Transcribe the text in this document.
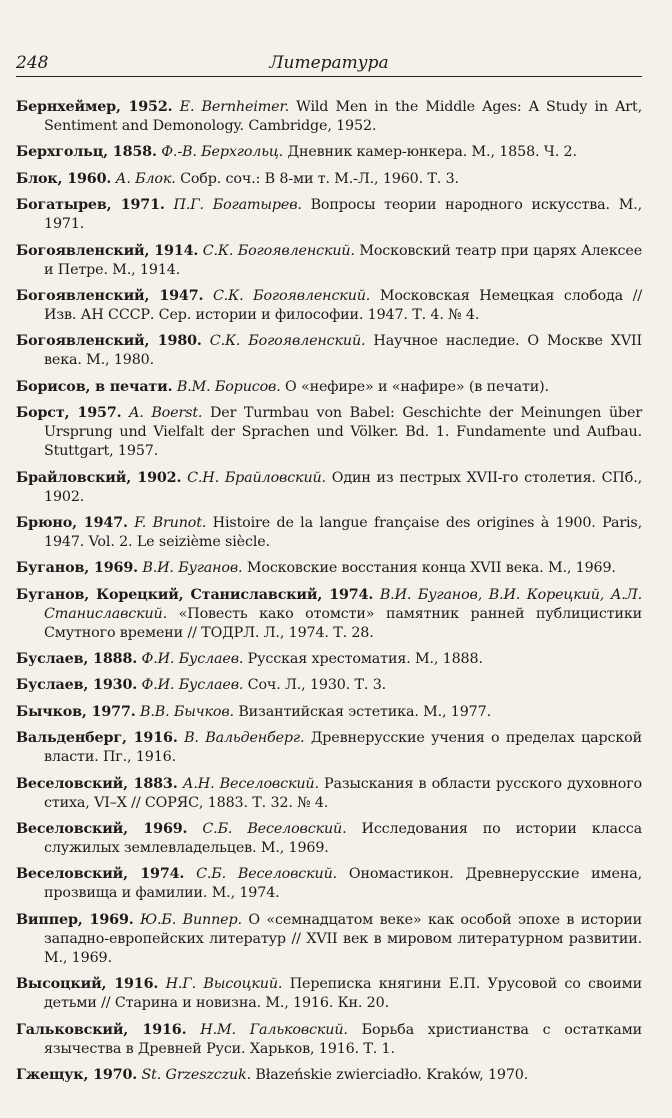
248	Литература
Бернхеймер, 1952. E. Bernheimer. Wild Men in the Middle Ages: A Study in Art, Sentiment and Demonology. Cambridge, 1952.
Берхгольц, 1858. Ф.-В. Берхгольц. Дневник камер-юнкера. М., 1858. Ч. 2.
Блок, 1960. А. Блок. Собр. соч.: В 8-ми т. М.-Л., 1960. Т. 3.
Богатырев, 1971. П.Г. Богатырев. Вопросы теории народного искусства. М., 1971.
Богоявленский, 1914. С.К. Богоявленский. Московский театр при царях Алексее и Петре. М., 1914.
Богоявленский, 1947. С.К. Богоявленский. Московская Немецкая слобода // Изв. АН СССР. Сер. истории и философии. 1947. Т. 4. № 4.
Богоявленский, 1980. С.К. Богоявленский. Научное наследие. О Москве XVII века. М., 1980.
Борисов, в печати. В.М. Борисов. О «нефире» и «нафире» (в печати).
Борст, 1957. A. Boerst. Der Turmbau von Babel: Geschichte der Meinungen über Ursprung und Vielfalt der Sprachen und Völker. Bd. 1. Fundamente und Aufbau. Stuttgart, 1957.
Брайловский, 1902. С.Н. Брайловский. Один из пестрых XVII-го столетия. СПб., 1902.
Брюно, 1947. F. Brunot. Histoire de la langue française des origines à 1900. Paris, 1947. Vol. 2. Le seizième siècle.
Буганов, 1969. В.И. Буганов. Московские восстания конца XVII века. М., 1969.
Буганов, Корецкий, Станиславский, 1974. В.И. Буганов, В.И. Корецкий, А.Л. Станиславский. «Повесть како отомсти» памятник ранней публицистики Смутного времени // ТОДРЛ. Л., 1974. Т. 28.
Буслаев, 1888. Ф.И. Буслаев. Русская хрестоматия. М., 1888.
Буслаев, 1930. Ф.И. Буслаев. Соч. Л., 1930. Т. 3.
Бычков, 1977. В.В. Бычков. Византийская эстетика. М., 1977.
Вальденберг, 1916. В. Вальденберг. Древнерусские учения о пределах царской власти. Пг., 1916.
Веселовский, 1883. А.Н. Веселовский. Разыскания в области русского духовного стиха, VI–X // СОРЯС, 1883. Т. 32. № 4.
Веселовский, 1969. С.Б. Веселовский. Исследования по истории класса служилых землевладельцев. М., 1969.
Веселовский, 1974. С.Б. Веселовский. Ономастикон. Древнерусские имена, прозвища и фамилии. М., 1974.
Виппер, 1969. Ю.Б. Виппер. О «семнадцатом веке» как особой эпохе в истории западно-европейских литератур // XVII век в мировом литературном развитии. М., 1969.
Высоцкий, 1916. Н.Г. Высоцкий. Переписка княгини Е.П. Урусовой со своими детьми // Старина и новизна. М., 1916. Кн. 20.
Гальковский, 1916. Н.М. Гальковский. Борьба христианства с остатками язычества в Древней Руси. Харьков, 1916. Т. 1.
Гжещук, 1970. St. Grzeszczuk. Błazeńskie zwierciadło. Kraków, 1970.
